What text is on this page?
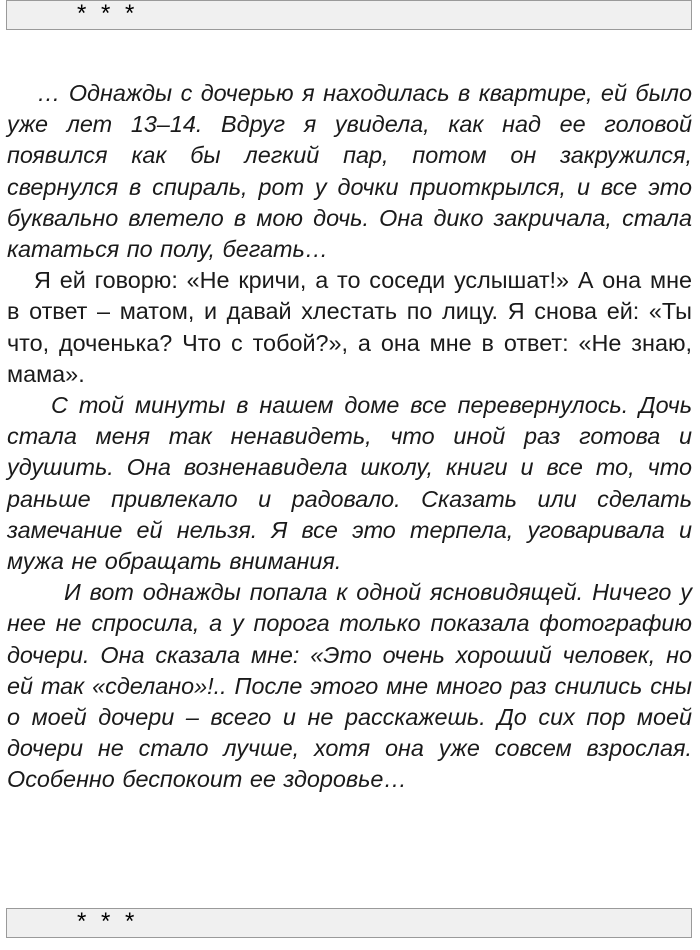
* * *

… Однажды с дочерью я находилась в квартире, ей было уже лет 13–14. Вдруг я увидела, как над ее головой появился как бы легкий пар, потом он закружился, свернулся в спираль, рот у дочки приоткрылся, и все это буквально влетело в мою дочь. Она дико закричала, стала кататься по полу, бегать…

Я ей говорю: «Не кричи, а то соседи услышат!» А она мне в ответ – матом, и давай хлестать по лицу. Я снова ей: «Ты что, доченька? Что с тобой?», а она мне в ответ: «Не знаю, мама».

С той минуты в нашем доме все перевернулось. Дочь стала меня так ненавидеть, что иной раз готова и удушить. Она возненавидела школу, книги и все то, что раньше привлекало и радовало. Сказать или сделать замечание ей нельзя. Я все это терпела, уговаривала и мужа не обращать внимания.

И вот однажды попала к одной ясновидящей. Ничего у нее не спросила, а у порога только показала фотографию дочери. Она сказала мне: «Это очень хороший человек, но ей так «сделано»!.. После этого мне много раз снились сны о моей дочери – всего и не расскажешь. До сих пор моей дочери не стало лучше, хотя она уже совсем взрослая. Особенно беспокоит ее здоровье…

* * *
